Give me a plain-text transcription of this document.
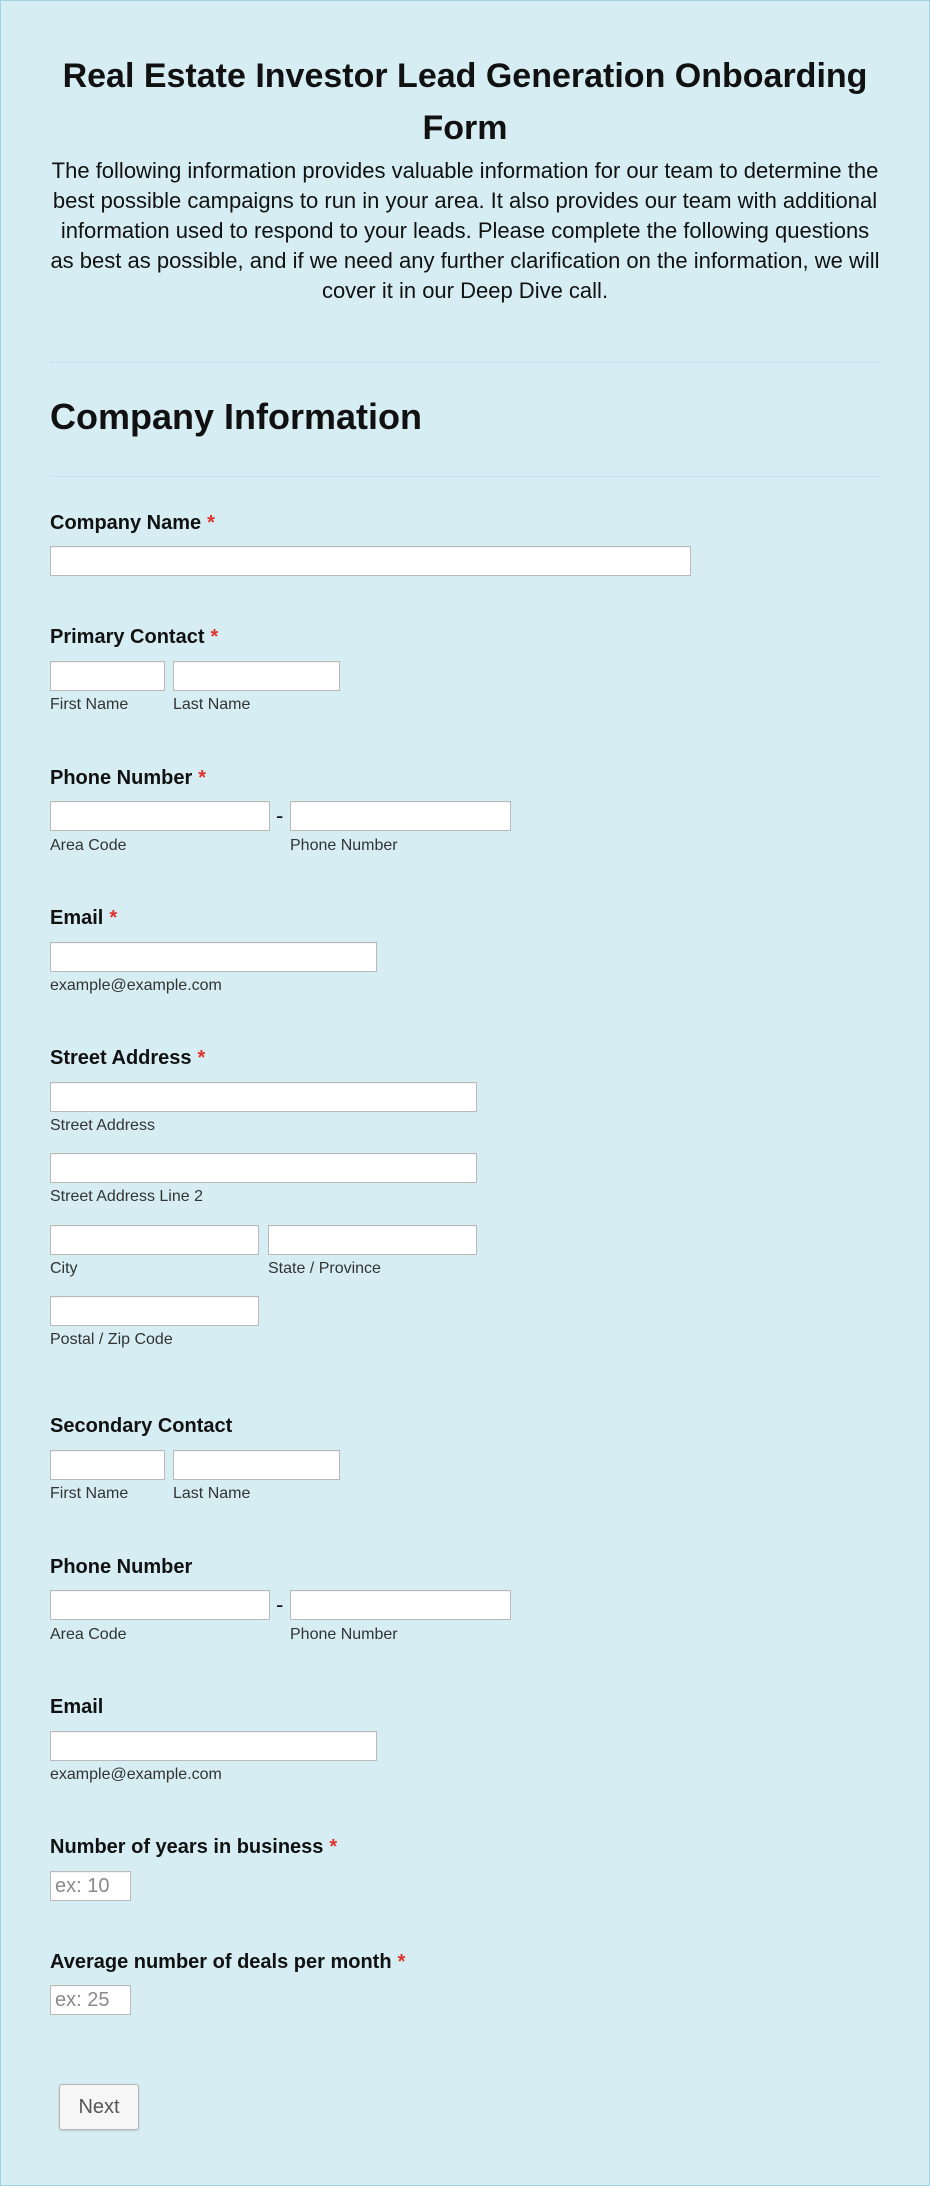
Real Estate Investor Lead Generation Onboarding Form
The following information provides valuable information for our team to determine the best possible campaigns to run in your area. It also provides our team with additional information used to respond to your leads. Please complete the following questions as best as possible, and if we need any further clarification on the information, we will cover it in our Deep Dive call.
Company Information
Company Name *
Primary Contact *
First Name	Last Name
Phone Number *
-
Area Code	Phone Number
Email *
example@example.com
Street Address *
Street Address
Street Address Line 2
City	State / Province
Postal / Zip Code
Secondary Contact
First Name	Last Name
Phone Number
-
Area Code	Phone Number
Email
example@example.com
Number of years in business *
ex: 10
Average number of deals per month *
ex: 25
Next
